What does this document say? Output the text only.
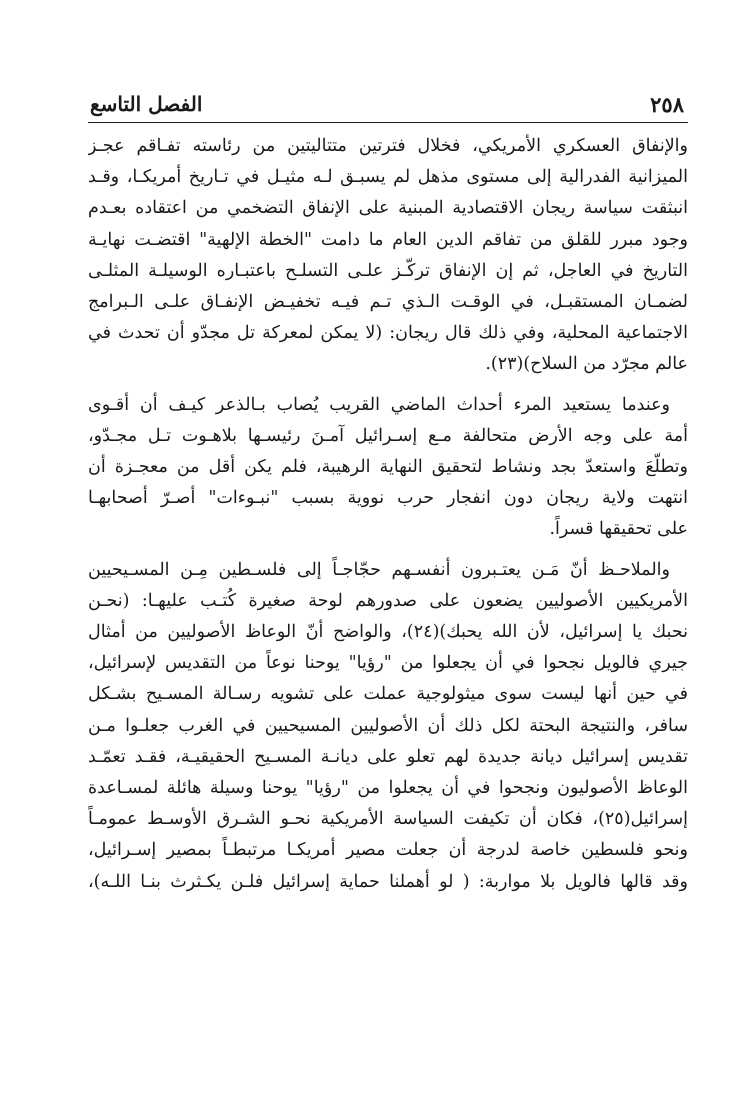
٢٥٨
الفصل التاسع

والإنفاق العسكري الأمريكي، فخلال فترتين متتاليتين من رئاسته تفـاقم عجـز

الميزانية الفدرالية إلى مستوى مذهل لم يسبـق لـه مثيـل في تـاريخ أمريكـا، وقـد

انبثقت سياسة ريجان الاقتصادية المبنية على الإنفاق التضخمي من اعتقاده بعـدم

وجود مبرر للقلق من تفاقم الدين العام ما دامت "الخطة الإلهية" اقتضـت نهايـة

التاريخ في العاجل، ثم إن الإنفاق تركّـز علـى التسلـح باعتبـاره الوسيلـة المثلـى

لضمـان المستقبـل، في الوقـت الـذي تـم فيـه تخفيـض الإنفـاق علـى الـبرامج

الاجتماعية المحلية، وفي ذلك قال ريجان: (لا يمكن لمعركة تل مجدّو أن تحدث في

عالم مجرّد من السلاح)(٢٣).

وعندما يستعيد المرء أحداث الماضي القريب يُصاب بـالذعر كيـف أن أقـوى

أمة على وجه الأرض متحالفة مـع إسـرائيل آمـنَ رئيسـها بلاهـوت تـل مجـدّو،

وتطلّعَ واستعدّ بجد ونشاط لتحقيق النهاية الرهيبة، فلم يكن أقل من معجـزة أن

انتهت ولاية ريجان دون انفجار حرب نووية بسبب "نبـوءات" أصـرّ أصحابهـا

على تحقيقها قسراً.

والملاحـظ أنّ مَـن يعتـبرون أنفسـهم حجّاجـاً إلى فلسـطين مِـن المسـيحيين

الأمريكيين الأصوليين يضعون على صدورهم لوحة صغيرة كُتـب عليهـا: (نحـن

نحبك يا إسرائيل، لأن الله يحبك)(٢٤)، والواضح أنّ الوعاظ الأصوليين من أمثال

جيري فالويل نجحوا في أن يجعلوا من "رؤيا" يوحنا نوعاً من التقديس لإسرائيل،

في حين أنها ليست سوى ميثولوجية عملت على تشويه رسـالة المسـيح بشـكل

سافر، والنتيجة البحتة لكل ذلك أن الأصوليين المسيحيين في الغرب جعلـوا مـن

تقديس إسرائيل ديانة جديدة لهم تعلو على ديانـة المسـيح الحقيقيـة، فقـد تعمّـد

الوعاظ الأصوليون ونجحوا في أن يجعلوا من "رؤيا" يوحنا وسيلة هائلة لمسـاعدة

إسرائيل(٢٥)، فكان أن تكيفت السياسة الأمريكية نحـو الشـرق الأوسـط عمومـاً

ونحو فلسطين خاصة لدرجة أن جعلت مصير أمريكـا مرتبطـاً بمصير إسـرائيل،

وقد قالها فالويل بلا مواربة: ( لو أهملنا حماية إسرائيل فلـن يكـثرث بنـا اللـه)،
